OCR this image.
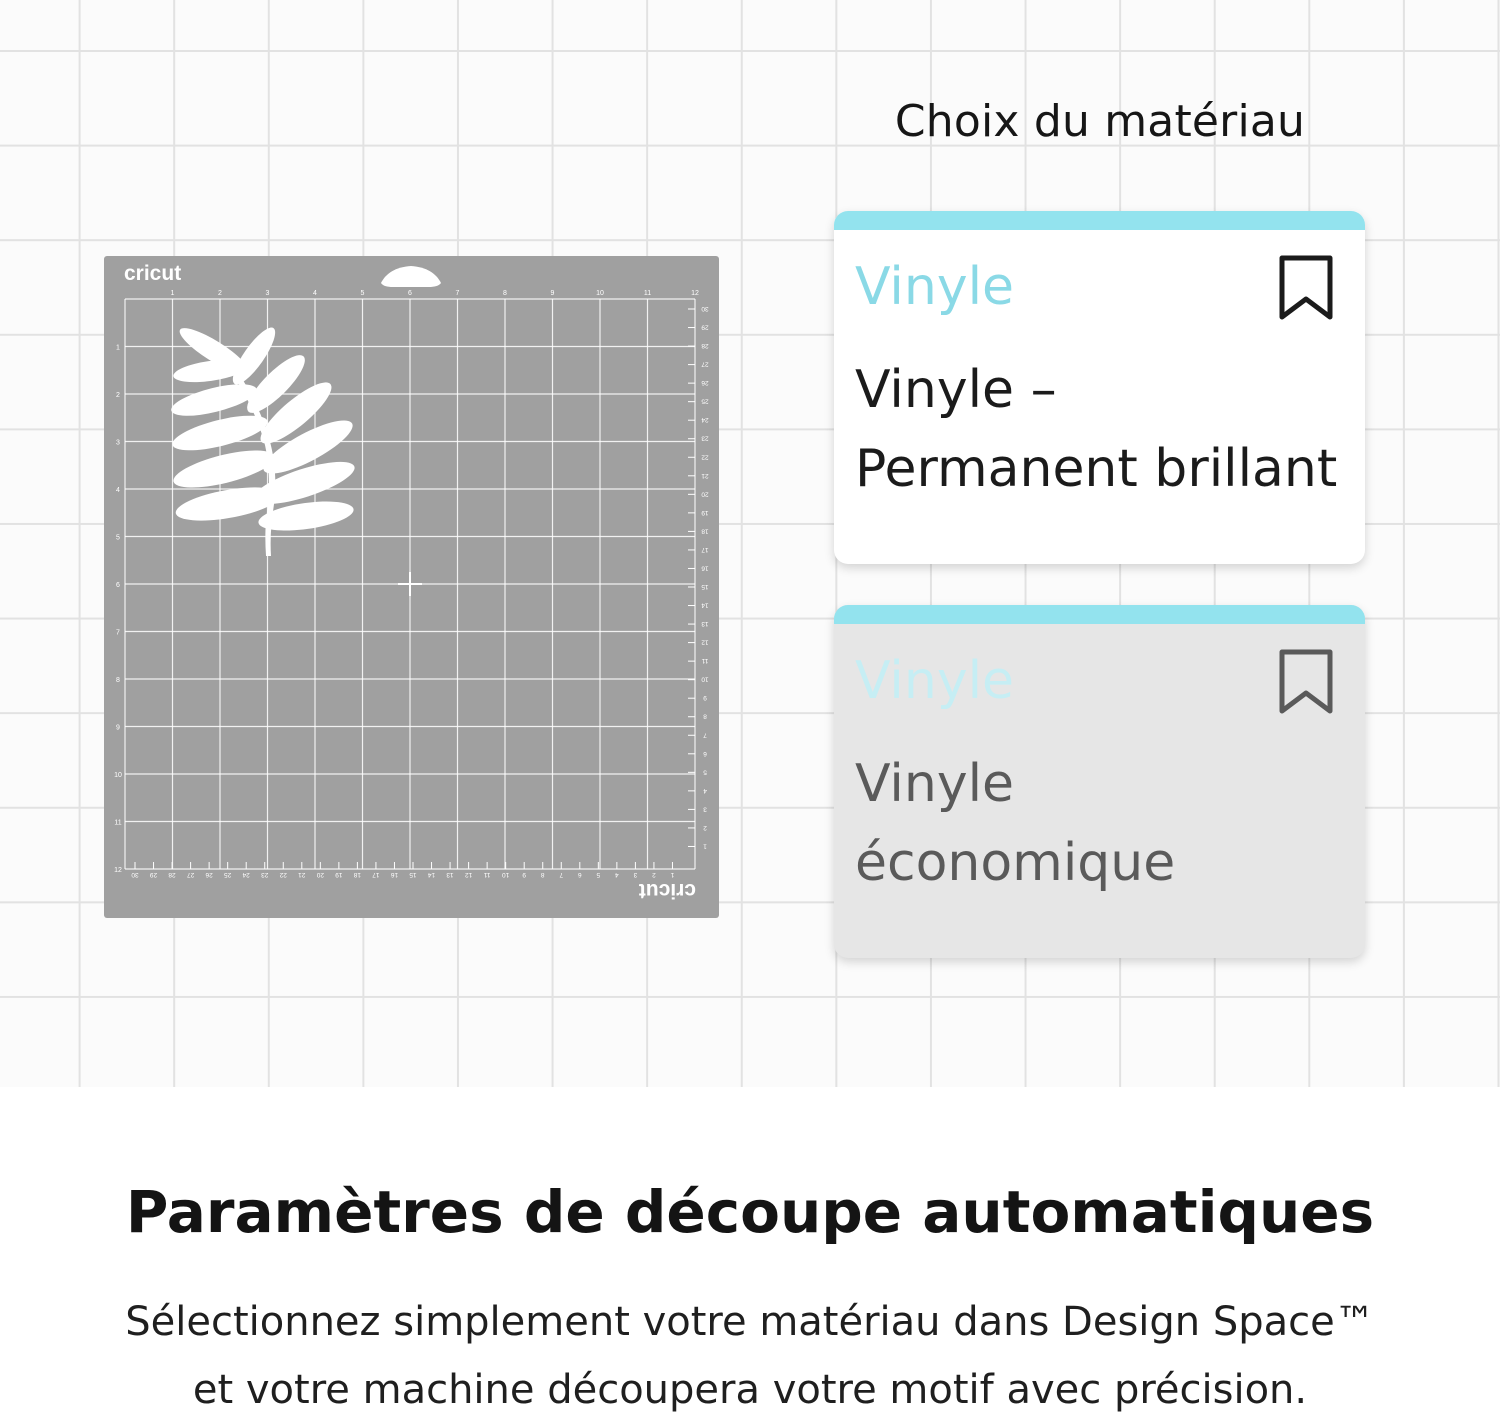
Choix du matériau
cricut
cricut
1	2	3	4	5	6	7	8	9	10	11	12
1
2
3
4
5
6
7
8
9
10
11
12
30
29
28
27
26
25
24
23
22
21
20
19
18
17
16
15
14
13
12
11
10
9
8
7
6
5
4
3
2
1
30 29 28 27 26 25 24 23 22 21 20 19 18 17 16 15 14 13 12 11 10 9 8 7 6 5 4 3 2 1
Vinyle
Vinyle –
Permanent brillant
Vinyle
Vinyle
économique
Paramètres de découpe automatiques
Sélectionnez simplement votre matériau dans Design Space™
et votre machine découpera votre motif avec précision.
